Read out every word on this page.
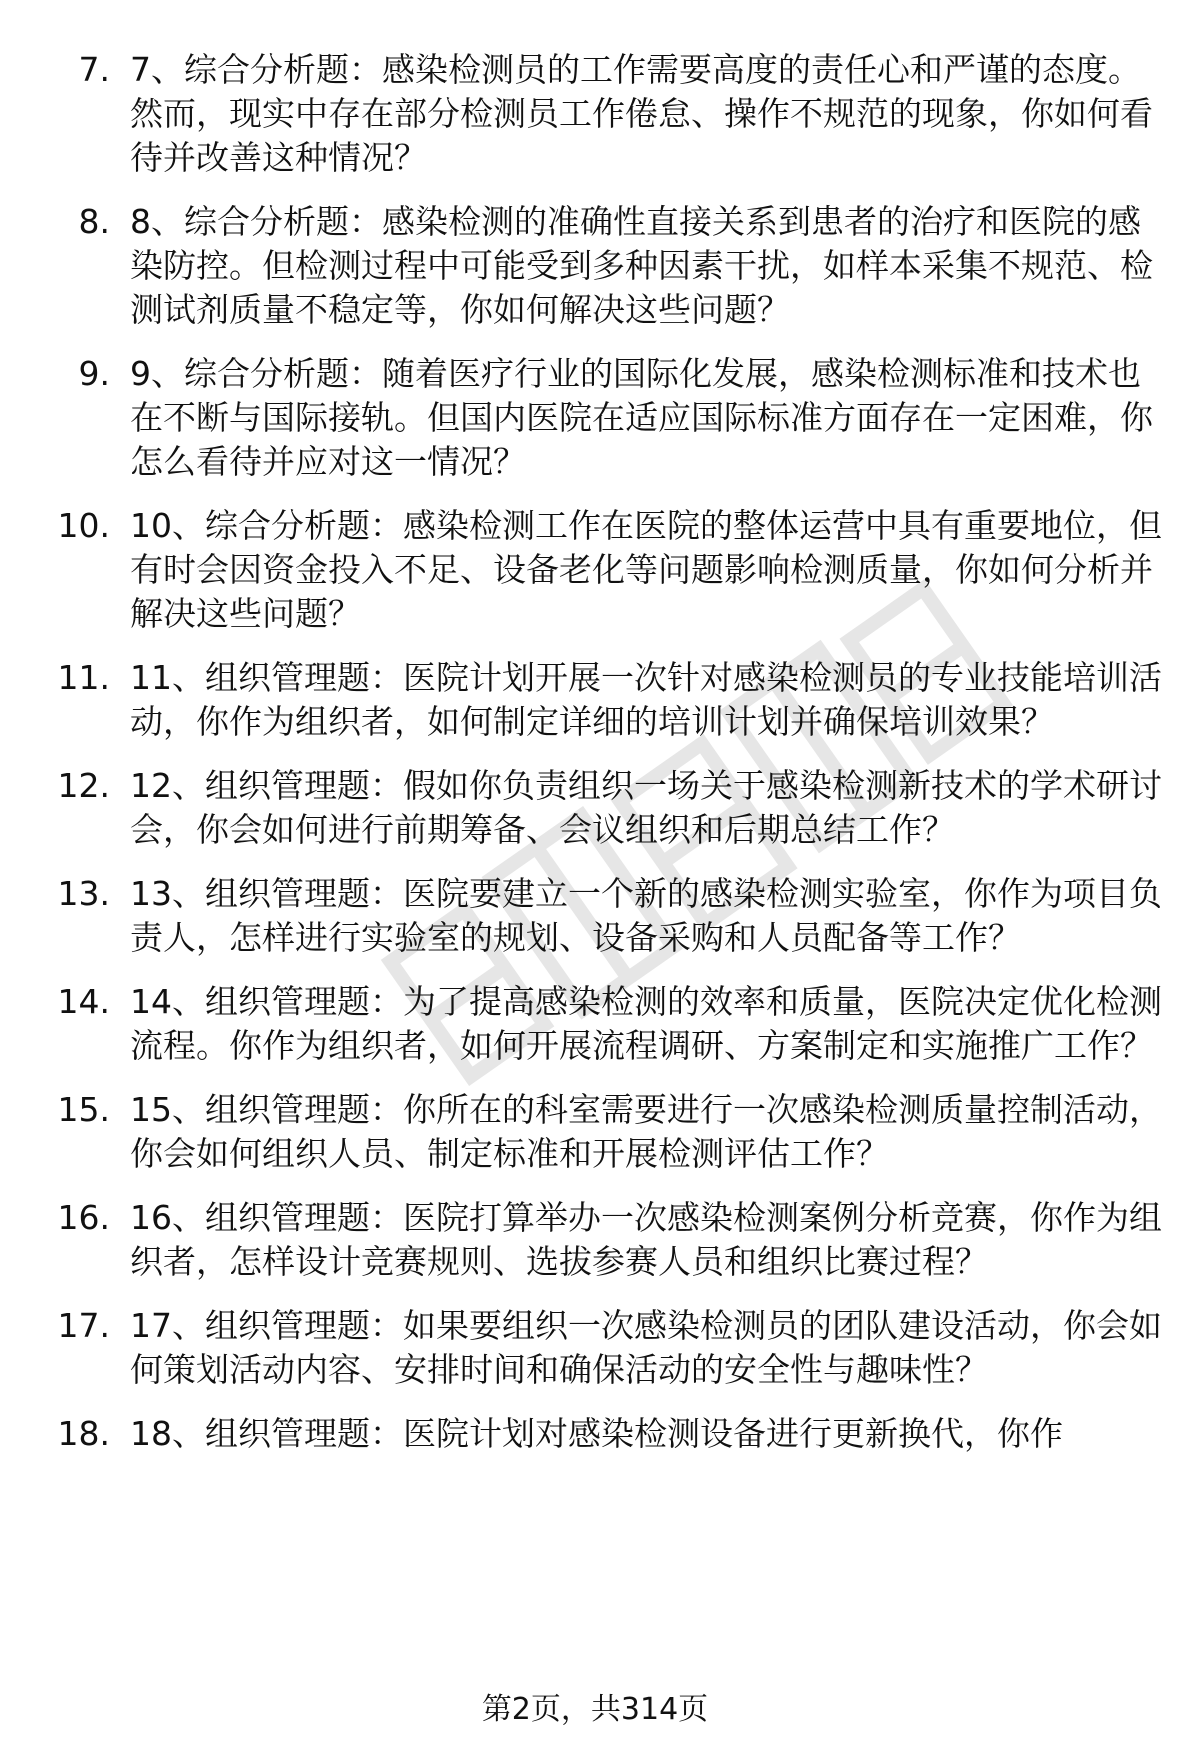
7. 7、综合分析题：感染检测员的工作需要高度的责任心和严谨的态度。然而，现实中存在部分检测员工作倦怠、操作不规范的现象，你如何看待并改善这种情况？
8. 8、综合分析题：感染检测的准确性直接关系到患者的治疗和医院的感染防控。但检测过程中可能受到多种因素干扰，如样本采集不规范、检测试剂质量不稳定等，你如何解决这些问题？
9. 9、综合分析题：随着医疗行业的国际化发展，感染检测标准和技术也在不断与国际接轨。但国内医院在适应国际标准方面存在一定困难，你怎么看待并应对这一情况？
10. 10、综合分析题：感染检测工作在医院的整体运营中具有重要地位，但有时会因资金投入不足、设备老化等问题影响检测质量，你如何分析并解决这些问题？
11. 11、组织管理题：医院计划开展一次针对感染检测员的专业技能培训活动，你作为组织者，如何制定详细的培训计划并确保培训效果？
12. 12、组织管理题：假如你负责组织一场关于感染检测新技术的学术研讨会，你会如何进行前期筹备、会议组织和后期总结工作？
13. 13、组织管理题：医院要建立一个新的感染检测实验室，你作为项目负责人，怎样进行实验室的规划、设备采购和人员配备等工作？
14. 14、组织管理题：为了提高感染检测的效率和质量，医院决定优化检测流程。你作为组织者，如何开展流程调研、方案制定和实施推广工作？
15. 15、组织管理题：你所在的科室需要进行一次感染检测质量控制活动，你会如何组织人员、制定标准和开展检测评估工作？
16. 16、组织管理题：医院打算举办一次感染检测案例分析竞赛，你作为组织者，怎样设计竞赛规则、选拔参赛人员和组织比赛过程？
17. 17、组织管理题：如果要组织一次感染检测员的团队建设活动，你会如何策划活动内容、安排时间和确保活动的安全性与趣味性？
18. 18、组织管理题：医院计划对感染检测设备进行更新换代，你作
第2页，共314页
